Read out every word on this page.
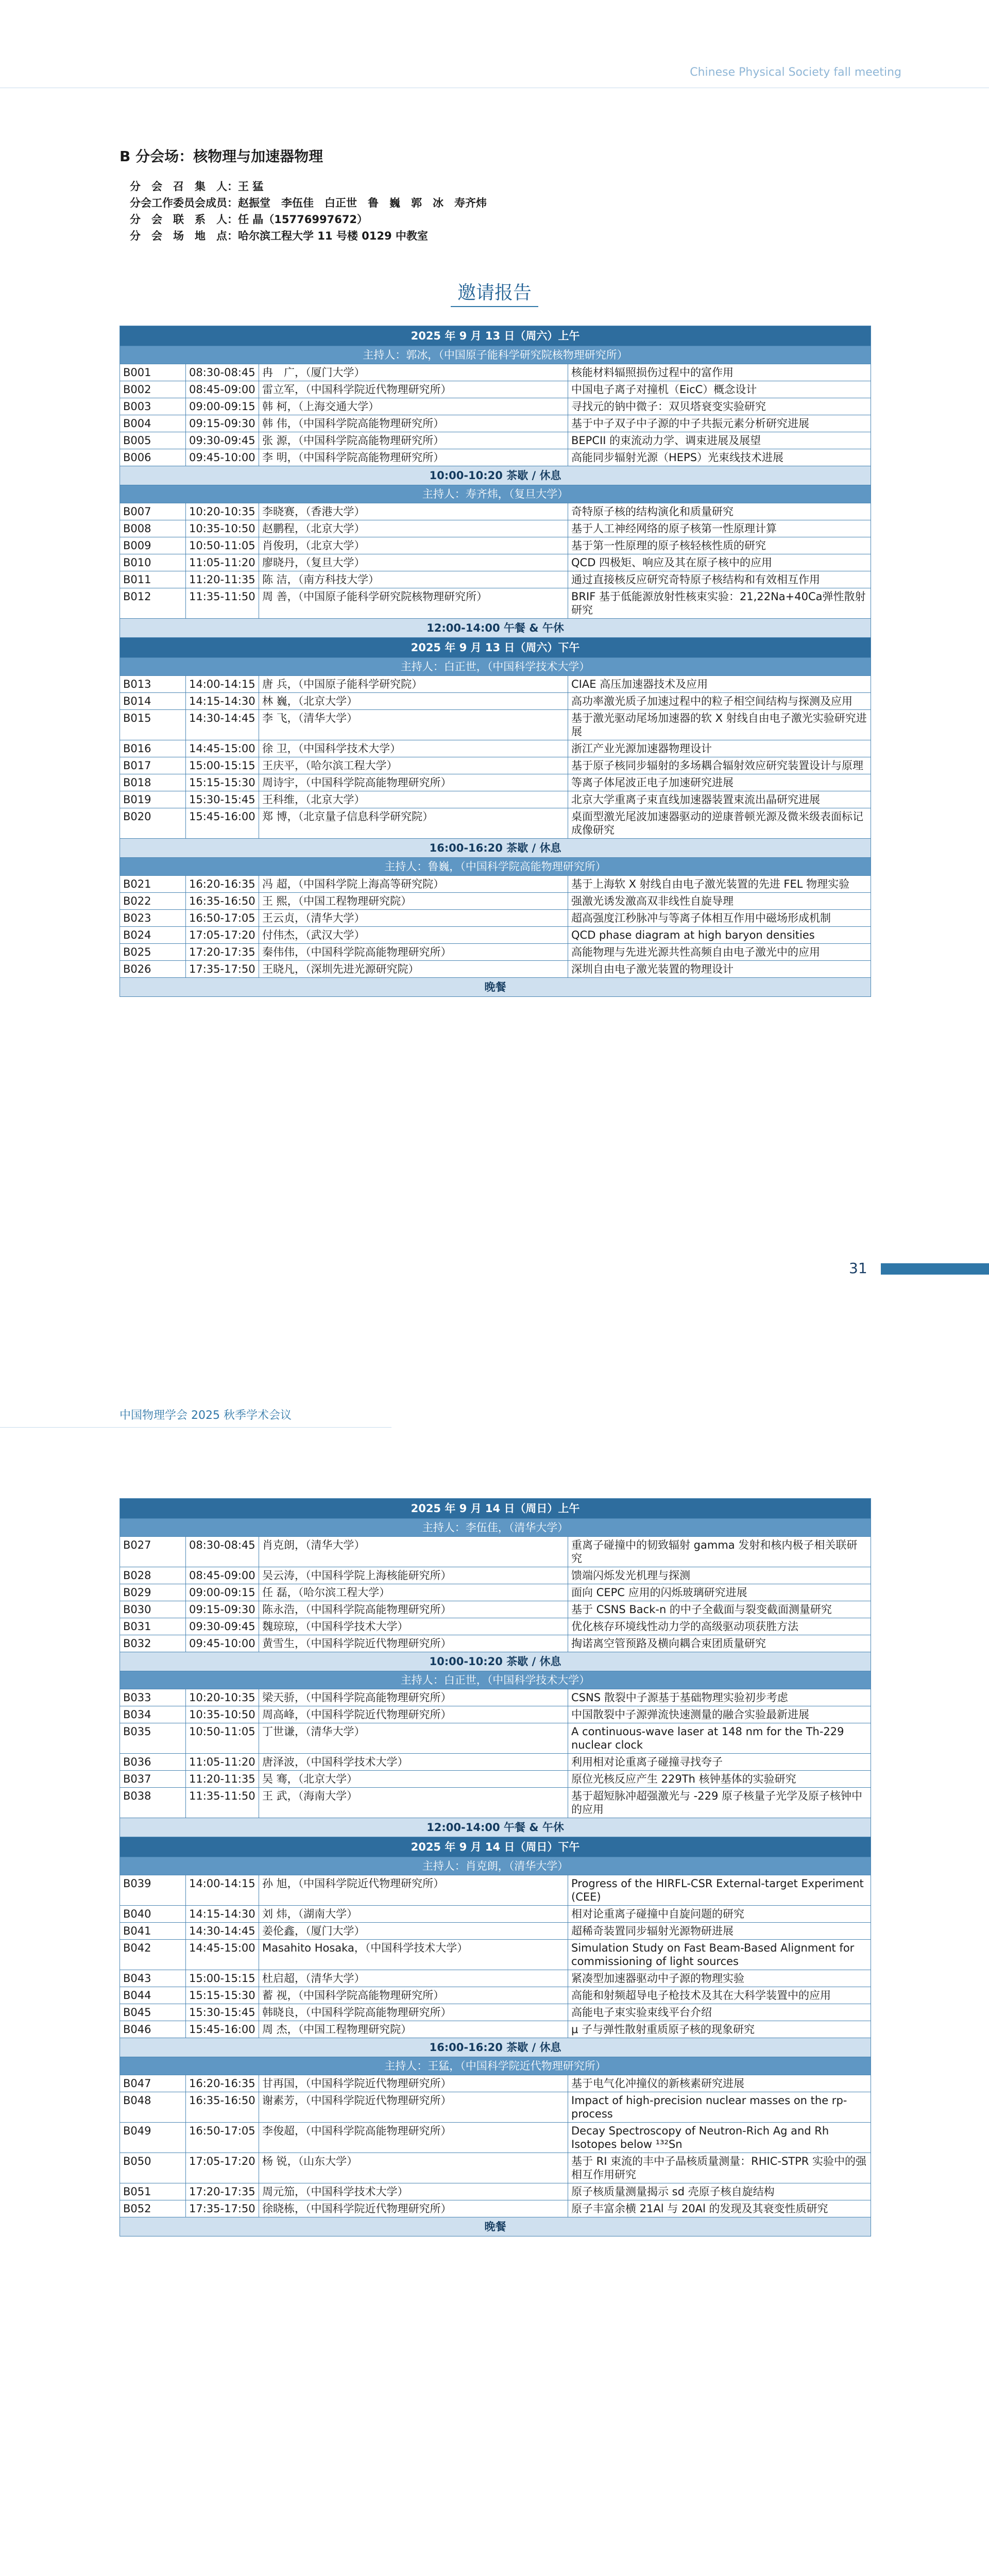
Chinese Physical Society fall meeting
B 分会场：核物理与加速器物理
分　会　召　集　人：王 猛
分会工作委员会成员：赵振堂　李伍佳　白正世　鲁　巍　郭　冰　寿齐炜
分　会　联　系　人：任 晶（15776997672）
分　会　场　地　点：哈尔滨工程大学 11 号楼 0129 中教室
邀请报告
2025 年 9 月 13 日（周六）上午			
主持人：郭冰，（中国原子能科学研究院核物理研究所）			
B001	08:30-08:45	冉　广，（厦门大学）	核能材料辐照损伤过程中的富作用
B002	08:45-09:00	雷立军，（中国科学院近代物理研究所）	中国电子离子对撞机（EicC）概念设计
B003	09:00-09:15	韩 柯，（上海交通大学）	寻找元的钠中微子：双贝塔衰变实验研究
B004	09:15-09:30	韩 伟，（中国科学院高能物理研究所）	基于中子双子中子源的中子共振元素分析研究进展
B005	09:30-09:45	张 源，（中国科学院高能物理研究所）	BEPCII 的束流动力学、调束进展及展望
B006	09:45-10:00	李 明，（中国科学院高能物理研究所）	高能同步辐射光源（HEPS）光束线技术进展
10:00-10:20 茶歇 / 休息			
主持人：寿齐炜，（复旦大学）			
B007	10:20-10:35	李晓赛，（香港大学）	奇特原子核的结构演化和质量研究
B008	10:35-10:50	赵鹏程，（北京大学）	基于人工神经网络的原子核第一性原理计算
B009	10:50-11:05	肖俊玥，（北京大学）	基于第一性原理的原子核轻核性质的研究
B010	11:05-11:20	廖晓丹，（复旦大学）	QCD 四极矩、响应及其在原子核中的应用
B011	11:20-11:35	陈 洁，（南方科技大学）	通过直接核反应研究奇特原子核结构和有效相互作用
B012	11:35-11:50	周 善，（中国原子能科学研究院核物理研究所）	BRIF 基于低能源放射性核束实验：21,22Na+40Ca弹性散射研究
12:00-14:00 午餐 & 午休			
2025 年 9 月 13 日（周六）下午			
主持人：白正世，（中国科学技术大学）			
B013	14:00-14:15	唐 兵，（中国原子能科学研究院）	CIAE 高压加速器技术及应用
B014	14:15-14:30	林 巍，（北京大学）	高功率激光质子加速过程中的粒子相空间结构与探测及应用
B015	14:30-14:45	李 飞，（清华大学）	基于激光驱动尾场加速器的软 X 射线自由电子激光实验研究进展
B016	14:45-15:00	徐 卫，（中国科学技术大学）	浙江产业光源加速器物理设计
B017	15:00-15:15	王庆平，（哈尔滨工程大学）	基于原子核同步辐射的多场耦合辐射效应研究装置设计与原理
B018	15:15-15:30	周诗宇，（中国科学院高能物理研究所）	等离子体尾波正电子加速研究进展
B019	15:30-15:45	王科维，（北京大学）	北京大学重离子束直线加速器装置束流出晶研究进展
B020	15:45-16:00	郑 博，（北京量子信息科学研究院）	桌面型激光尾波加速器驱动的逆康普顿光源及微米级表面标记成像研究
16:00-16:20 茶歇 / 休息			
主持人：鲁巍，（中国科学院高能物理研究所）			
B021	16:20-16:35	冯 超，（中国科学院上海高等研究院）	基于上海软 X 射线自由电子激光装置的先进 FEL 物理实验
B022	16:35-16:50	王 熙，（中国工程物理研究院）	强激光诱发激高双非线性自旋导理
B023	16:50-17:05	王云贞，（清华大学）	超高强度江秒脉冲与等离子体相互作用中磁场形成机制
B024	17:05-17:20	付伟杰，（武汉大学）	QCD phase diagram at high baryon densities
B025	17:20-17:35	秦伟伟，（中国科学院高能物理研究所）	高能物理与先进光源共性高频自由电子激光中的应用
B026	17:35-17:50	王晓凡，（深圳先进光源研究院）	深圳自由电子激光装置的物理设计
晚餐			
31
中国物理学会 2025 秋季学术会议
2025 年 9 月 14 日（周日）上午			
主持人：李伍佳，（清华大学）			
B027	08:30-08:45	肖克朗，（清华大学）	重离子碰撞中的韧致辐射 gamma 发射和核内极子相关联研究
B028	08:45-09:00	吴云涛，（中国科学院上海核能研究所）	馈端闪烁发光机理与探测
B029	09:00-09:15	任 磊，（哈尔滨工程大学）	面向 CEPC 应用的闪烁玻璃研究进展
B030	09:15-09:30	陈永浩，（中国科学院高能物理研究所）	基于 CSNS Back-n 的中子全截面与裂变截面测量研究
B031	09:30-09:45	魏琼琼，（中国科学技术大学）	优化核存环境线性动力学的高级驱动项获胜方法
B032	09:45-10:00	黄雪生，（中国科学院近代物理研究所）	掏诺离空管预路及横向耦合束团质量研究
10:00-10:20 茶歇 / 休息			
主持人：白正世，（中国科学技术大学）			
B033	10:20-10:35	梁天骄，（中国科学院高能物理研究所）	CSNS 散裂中子源基于基础物理实验初步考虑
B034	10:35-10:50	周高峰，（中国科学院近代物理研究所）	中国散裂中子源弹流快速测量的融合实验最新进展
B035	10:50-11:05	丁世谦，（清华大学）	A continuous-wave laser at 148 nm for the Th-229 nuclear clock
B036	11:05-11:20	唐泽波，（中国科学技术大学）	利用相对论重离子碰撞寻找夸子
B037	11:20-11:35	吴 骞，（北京大学）	原位光核反应产生 229Th 核钟基体的实验研究
B038	11:35-11:50	王 武，（海南大学）	基于超短脉冲超强激光与 -229 原子核量子光学及原子核钟中的应用
12:00-14:00 午餐 & 午休			
2025 年 9 月 14 日（周日）下午			
主持人：肖克朗，（清华大学）			
B039	14:00-14:15	孙 旭，（中国科学院近代物理研究所）	Progress of the HIRFL-CSR External-target Experiment (CEE)
B040	14:15-14:30	刘 炜，（湖南大学）	相对论重离子碰撞中自旋问题的研究
B041	14:30-14:45	姜伦鑫，（厦门大学）	超稀奇装置同步辐射光源物研进展
B042	14:45-15:00	Masahito Hosaka，（中国科学技术大学）	Simulation Study on Fast Beam-Based Alignment for commissioning of light sources
B043	15:00-15:15	杜启超，（清华大学）	紧凑型加速器驱动中子源的物理实验
B044	15:15-15:30	蓄 视，（中国科学院高能物理研究所）	高能和射频超导电子枪技术及其在大科学装置中的应用
B045	15:30-15:45	韩晓良，（中国科学院高能物理研究所）	高能电子束实验束线平台介绍
B046	15:45-16:00	周 杰，（中国工程物理研究院）	μ 子与弹性散射重质原子核的现象研究
16:00-16:20 茶歇 / 休息			
主持人：王猛，（中国科学院近代物理研究所）			
B047	16:20-16:35	甘再国，（中国科学院近代物理研究所）	基于电气化冲撞仪的新核素研究进展
B048	16:35-16:50	谢素芳，（中国科学院近代物理研究所）	Impact of high-precision nuclear masses on the rp-process
B049	16:50-17:05	李俊超，（中国科学院高能物理研究所）	Decay Spectroscopy of Neutron-Rich Ag and Rh Isotopes below ¹³²Sn
B050	17:05-17:20	杨 锐，（山东大学）	基于 RI 束流的丰中子晶核质量测量：RHIC-STPR 实验中的强相互作用研究
B051	17:20-17:35	周元笳，（中国科学技术大学）	原子核质量测量揭示 sd 壳原子核自旋结构
B052	17:35-17:50	徐晓栋，（中国科学院近代物理研究所）	原子丰富余横 21Al 与 20Al 的发现及其衰变性质研究
晚餐			
